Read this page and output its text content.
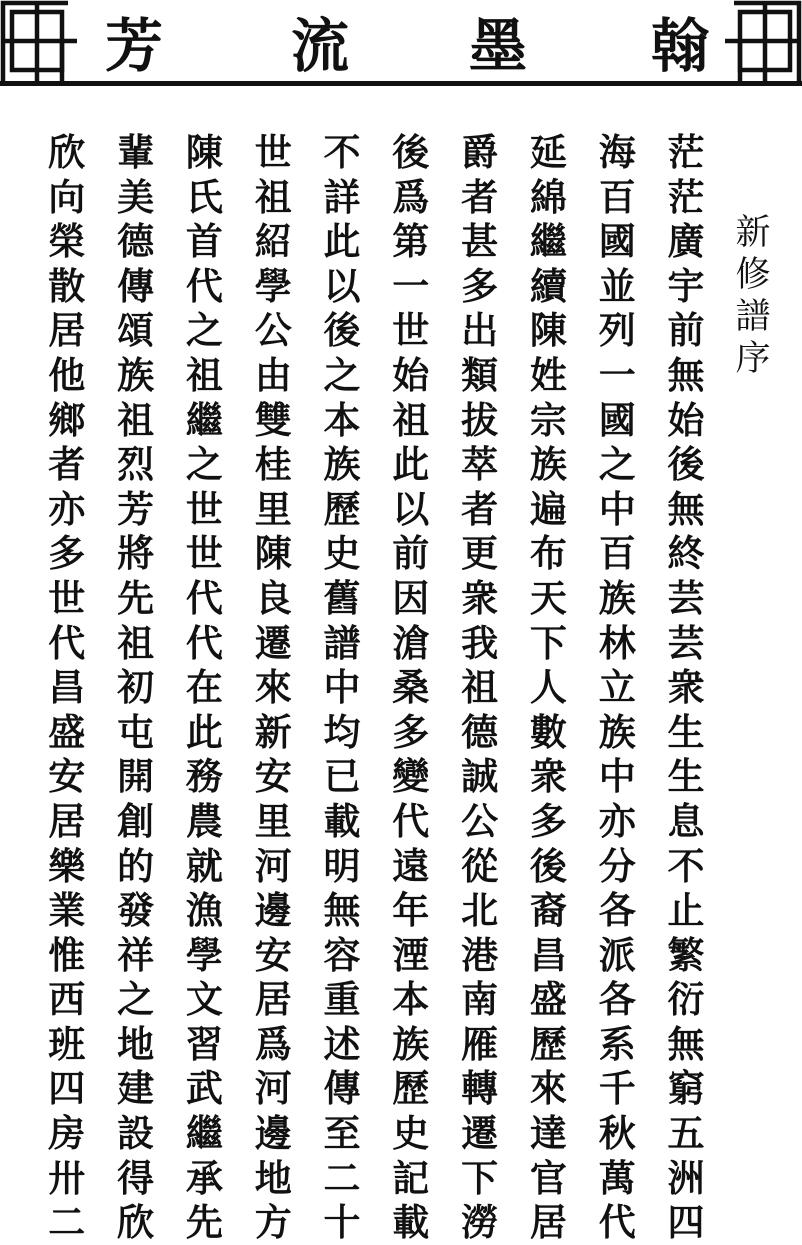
芳 流 墨 翰
新
修
譜
序
茫
茫
廣
宇
前
無
始
後
無
終
芸
芸
衆
生
生
息
不
止
繁
衍
無
窮
五
洲
四
海
百
國
並
列
一
國
之
中
百
族
林
立
族
中
亦
分
各
派
各
系
千
秋
萬
代
延
綿
繼
續
陳
姓
宗
族
遍
布
天
下
人
數
衆
多
後
裔
昌
盛
歷
來
達
官
居
爵
者
甚
多
出
類
拔
萃
者
更
衆
我
祖
德
誠
公
從
北
港
南
雁
轉
遷
下
澇
後
爲
第
一
世
始
祖
此
以
前
因
滄
桑
多
變
代
遠
年
湮
本
族
歷
史
記
載
不
詳
此
以
後
之
本
族
歷
史
舊
譜
中
均
已
載
明
無
容
重
述
傳
至
二
十
世
祖
紹
學
公
由
雙
桂
里
陳
良
遷
來
新
安
里
河
邊
安
居
爲
河
邊
地
方
陳
氏
首
代
之
祖
繼
之
世
世
代
代
在
此
務
農
就
漁
學
文
習
武
繼
承
先
輩
美
德
傳
頌
族
祖
烈
芳
將
先
祖
初
屯
開
創
的
發
祥
之
地
建
設
得
欣
欣
向
榮
散
居
他
鄉
者
亦
多
世
代
昌
盛
安
居
樂
業
惟
西
班
四
房
卅
二
